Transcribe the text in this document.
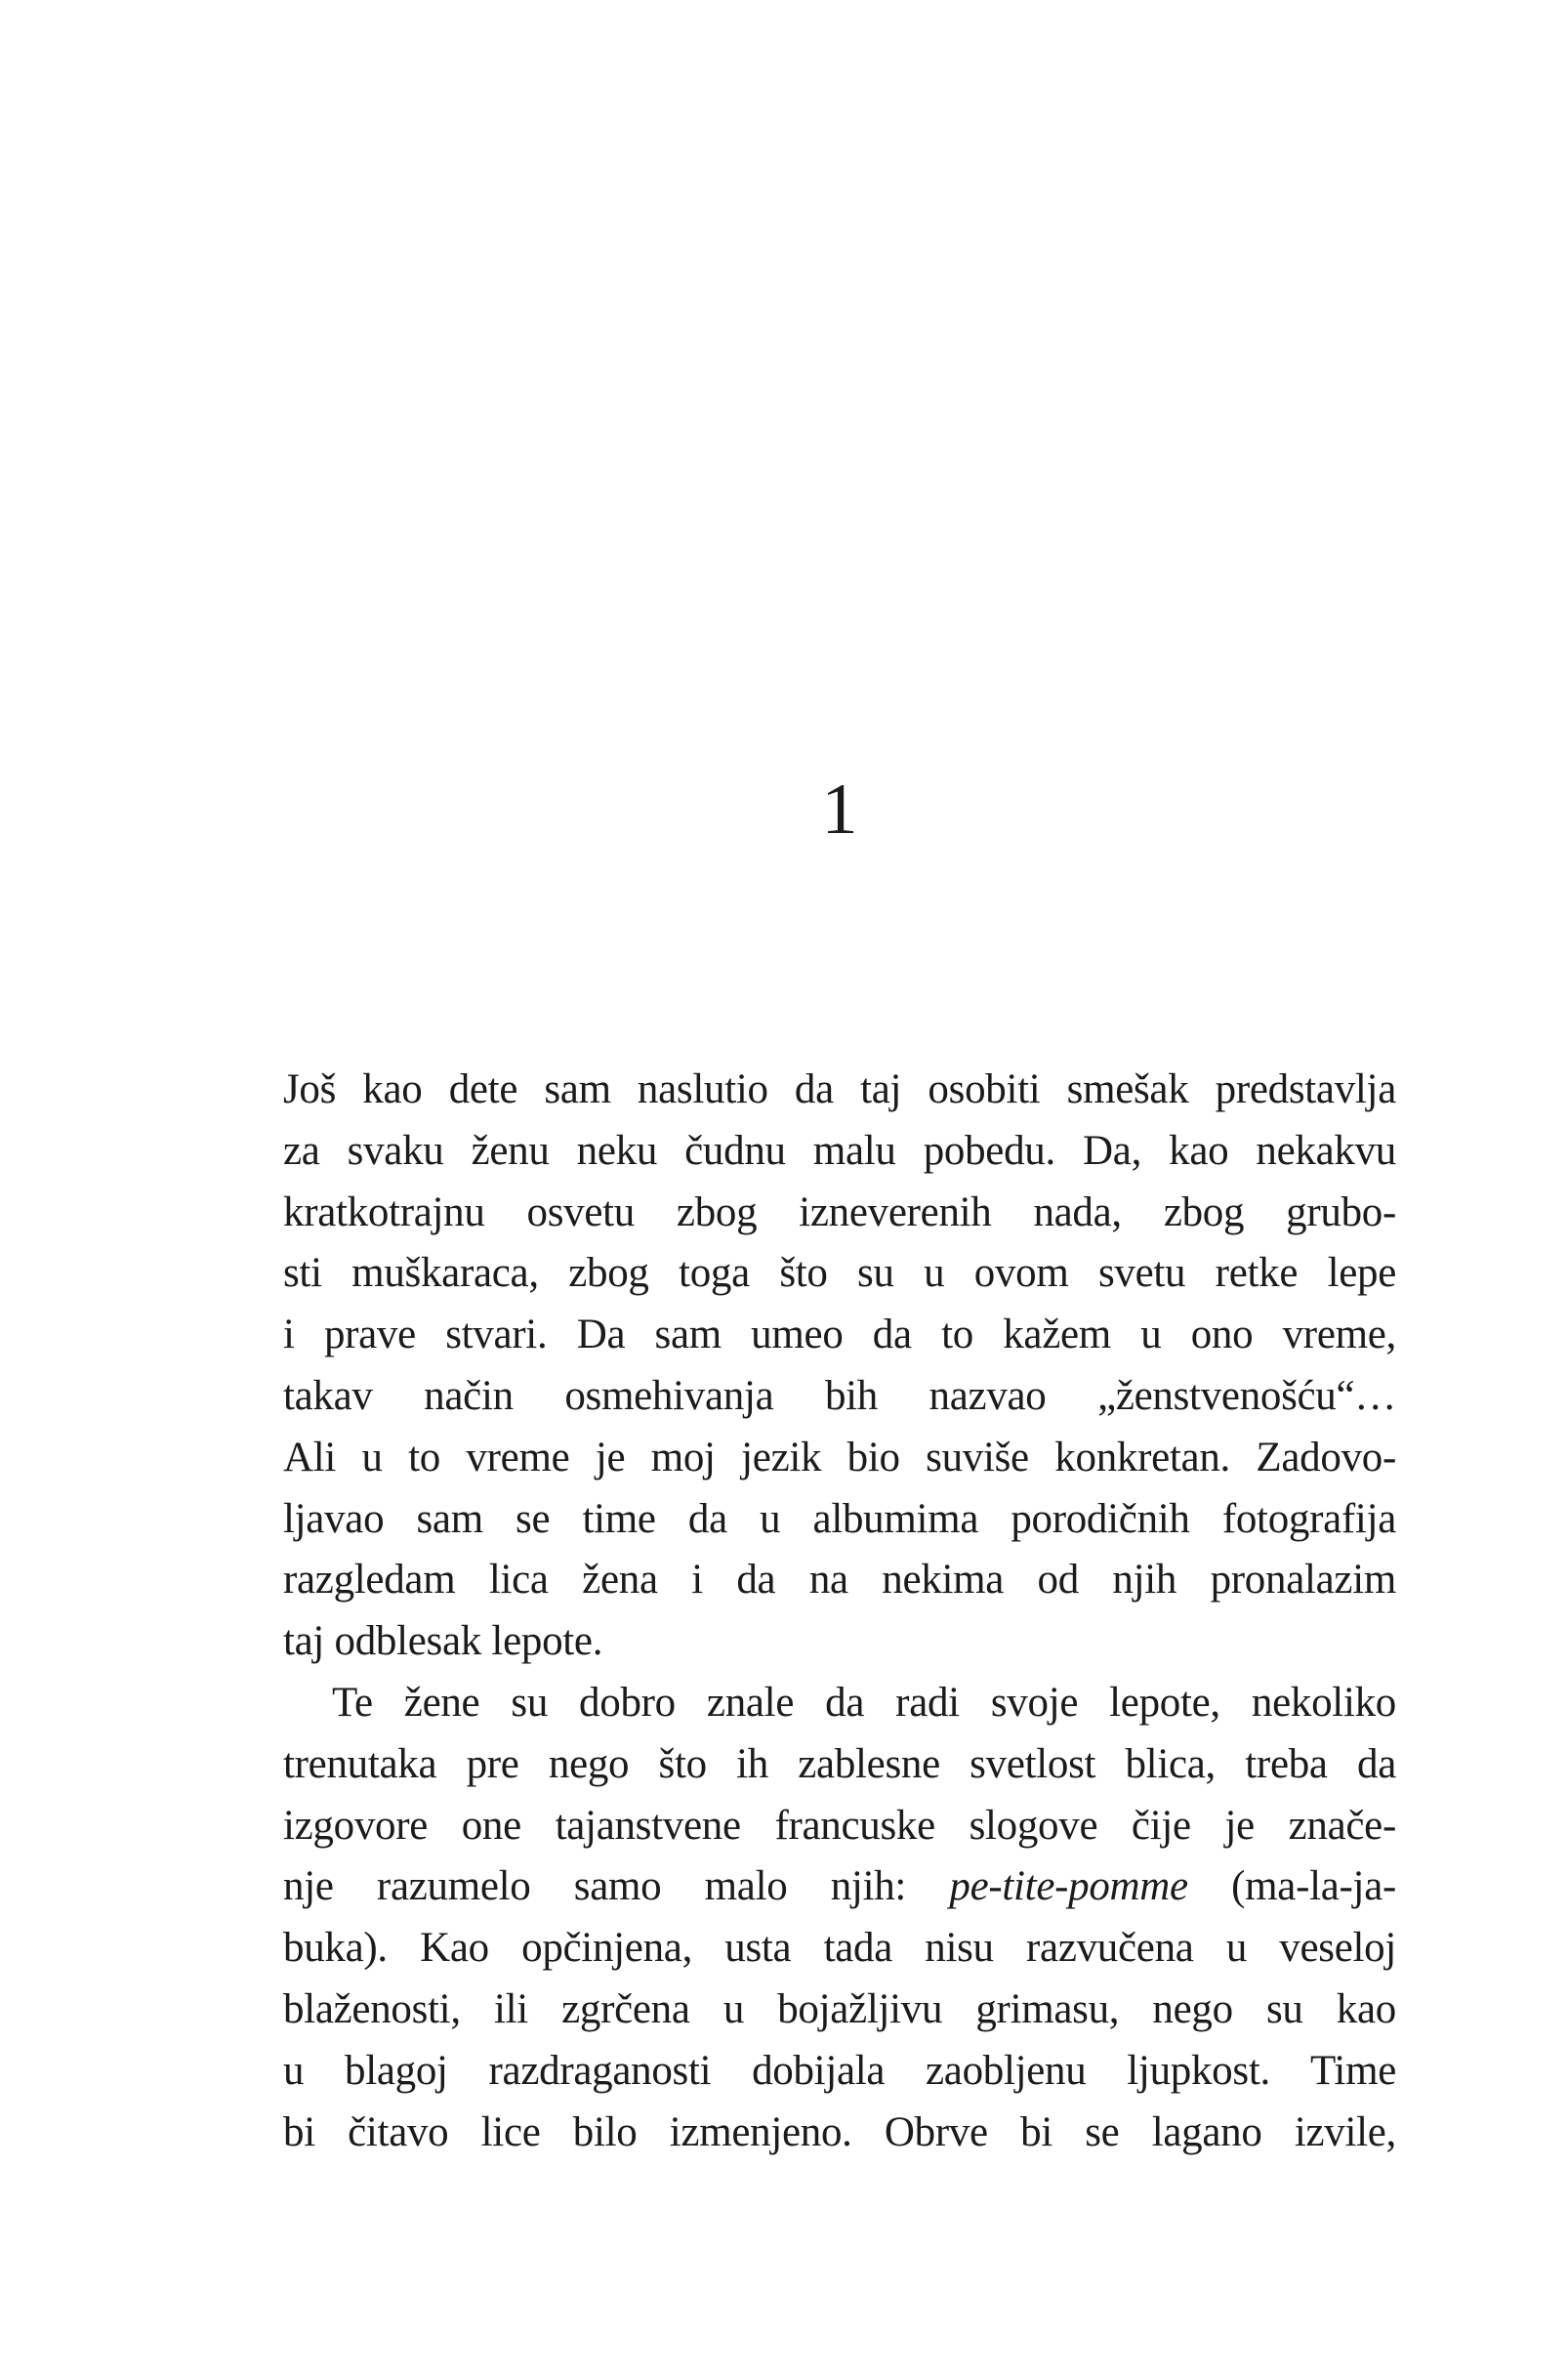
1
Još kao dete sam naslutio da taj osobiti smešak predstavlja
za svaku ženu neku čudnu malu pobedu. Da, kao nekakvu
kratkotrajnu osvetu zbog izneverenih nada, zbog grubo-
sti muškaraca, zbog toga što su u ovom svetu retke lepe
i prave stvari. Da sam umeo da to kažem u ono vreme,
takav način osmehivanja bih nazvao „ženstvenošću“…
Ali u to vreme je moj jezik bio suviše konkretan. Zadovo-
ljavao sam se time da u albumima porodičnih fotografija
razgledam lica žena i da na nekima od njih pronalazim
taj odblesak lepote.
Te žene su dobro znale da radi svoje lepote, nekoliko
trenutaka pre nego što ih zablesne svetlost blica, treba da
izgovore one tajanstvene francuske slogove čije je znače-
nje razumelo samo malo njih: pe-tite-pomme (ma-la-ja-
buka). Kao opčinjena, usta tada nisu razvučena u veseloj
blaženosti, ili zgrčena u bojažljivu grimasu, nego su kao
u blagoj razdraganosti dobijala zaobljenu ljupkost. Time
bi čitavo lice bilo izmenjeno. Obrve bi se lagano izvile,
